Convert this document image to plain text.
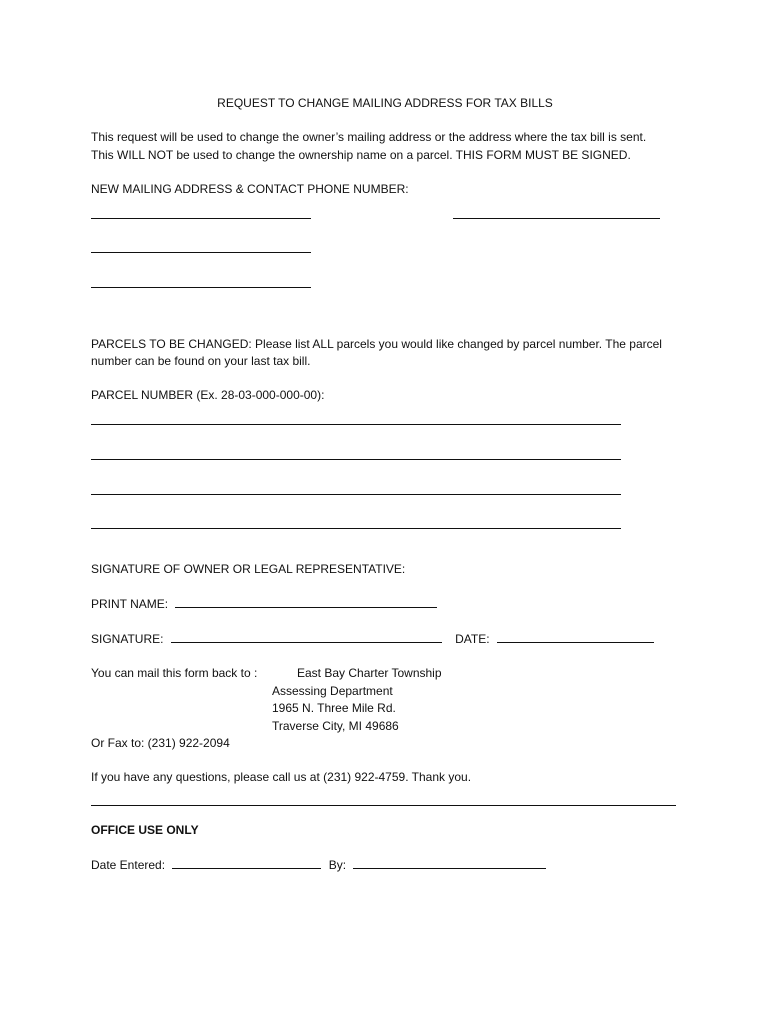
REQUEST TO CHANGE MAILING ADDRESS FOR TAX BILLS
This request will be used to change the owner’s mailing address or the address where the tax bill is sent.
This WILL NOT be used to change the ownership name on a parcel. THIS FORM MUST BE SIGNED.
NEW MAILING ADDRESS & CONTACT PHONE NUMBER:
PARCELS TO BE CHANGED: Please list ALL parcels you would like changed by parcel number. The parcel
number can be found on your last tax bill.
PARCEL NUMBER (Ex. 28-03-000-000-00):
SIGNATURE OF OWNER OR LEGAL REPRESENTATIVE:
PRINT NAME:
SIGNATURE:	DATE:
You can mail this form back to :	East Bay Charter Township
Assessing Department
1965 N. Three Mile Rd.
Traverse City, MI 49686
Or Fax to: (231) 922-2094
If you have any questions, please call us at (231) 922-4759. Thank you.
OFFICE USE ONLY
Date Entered:	By:
